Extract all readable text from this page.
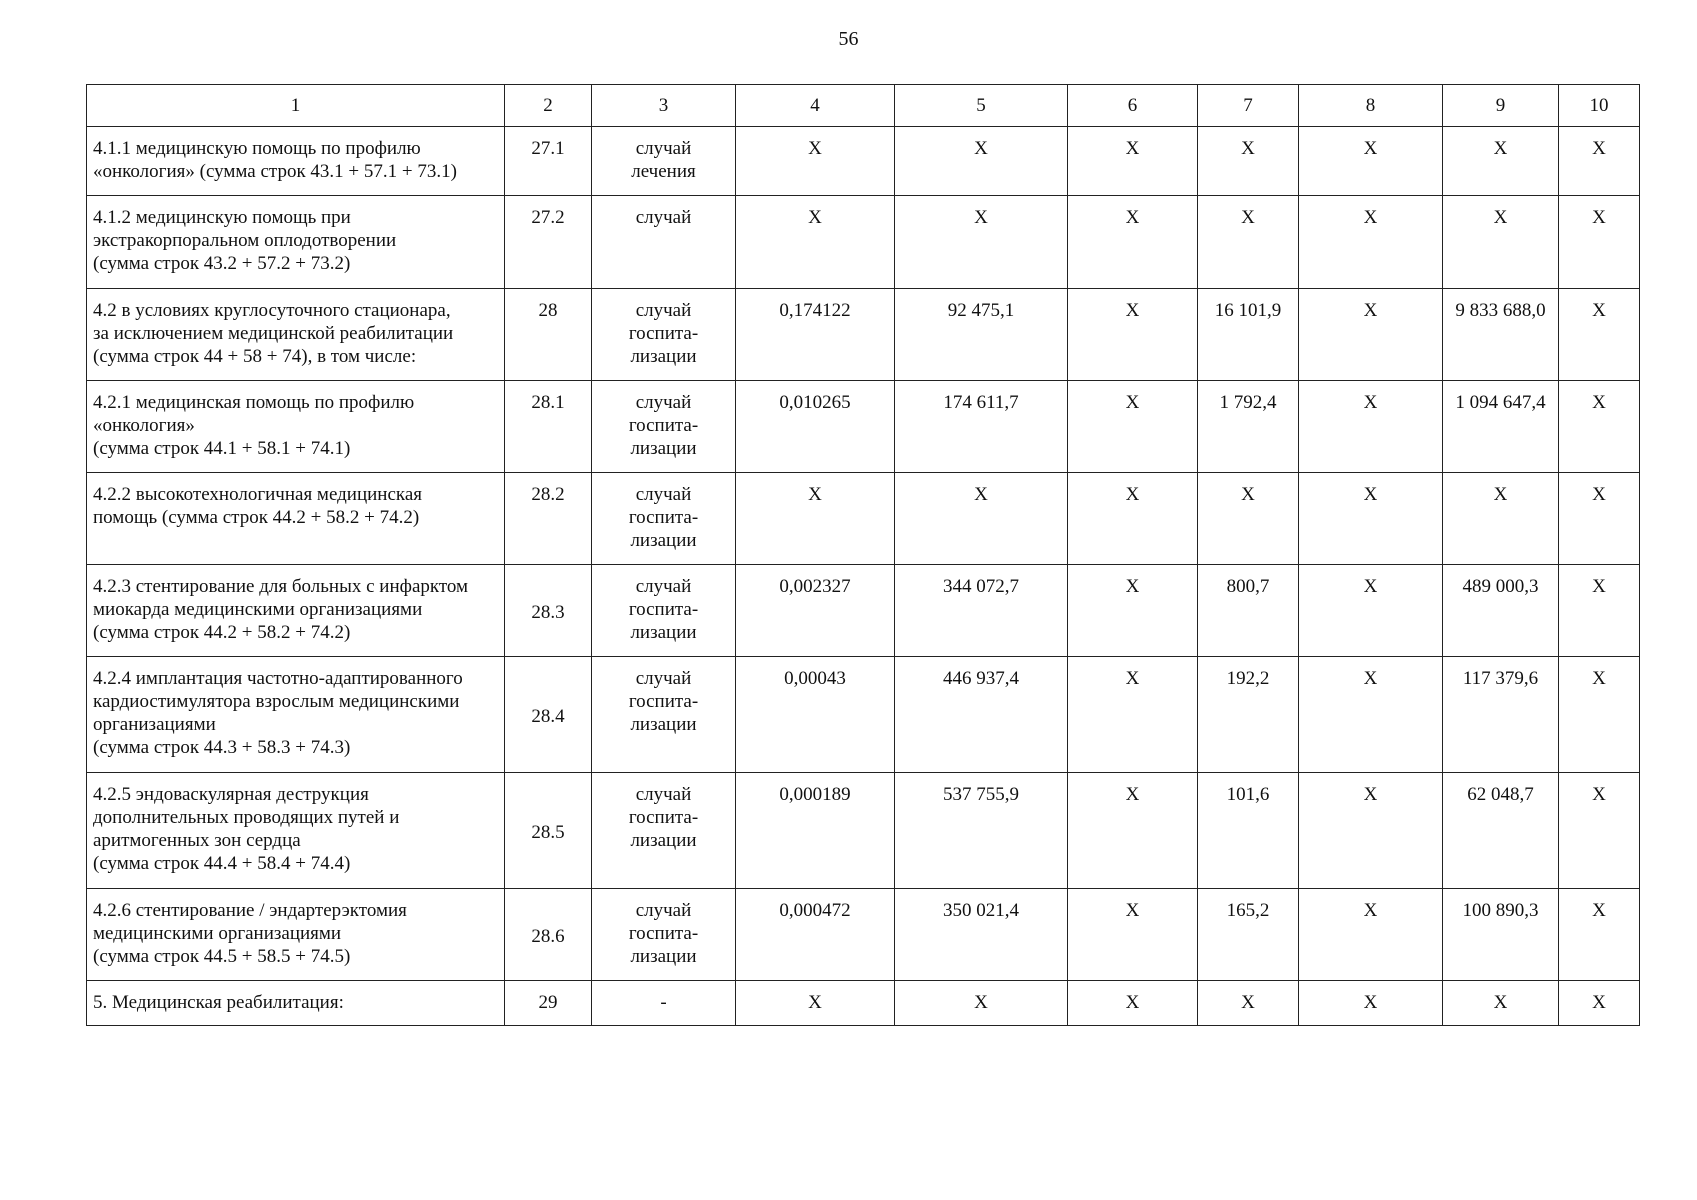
56
1	2	3	4	5	6	7	8	9	10

4.1.1 медицинскую помощь по профилю
«онкология» (сумма строк 43.1 + 57.1 + 73.1)	27.1	случай
лечения	X	X	X	X	X	X	X

4.1.2 медицинскую помощь при
экстракорпоральном оплодотворении
(сумма строк 43.2 + 57.2 + 73.2)	27.2	случай	X	X	X	X	X	X	X

4.2 в условиях круглосуточного стационара,
за исключением медицинской реабилитации
(сумма строк 44 + 58 + 74), в том числе:	28	случай
госпита-
лизации	0,174122	92 475,1	X	16 101,9	X	9 833 688,0	X

4.2.1 медицинская помощь по профилю
«онкология»
(сумма строк 44.1 + 58.1 + 74.1)	28.1	случай
госпита-
лизации	0,010265	174 611,7	X	1 792,4	X	1 094 647,4	X

4.2.2 высокотехнологичная медицинская
помощь (сумма строк 44.2 + 58.2 + 74.2)	28.2	случай
госпита-
лизации	X	X	X	X	X	X	X

4.2.3 стентирование для больных с инфарктом
миокарда медицинскими организациями
(сумма строк 44.2 + 58.2 + 74.2)	28.3	случай
госпита-
лизации	0,002327	344 072,7	X	800,7	X	489 000,3	X

4.2.4 имплантация частотно-адаптированного
кардиостимулятора взрослым медицинскими
организациями
(сумма строк 44.3 + 58.3 + 74.3)	28.4	случай
госпита-
лизации	0,00043	446 937,4	X	192,2	X	117 379,6	X

4.2.5 эндоваскулярная деструкция
дополнительных проводящих путей и
аритмогенных зон сердца
(сумма строк 44.4 + 58.4 + 74.4)	28.5	случай
госпита-
лизации	0,000189	537 755,9	X	101,6	X	62 048,7	X

4.2.6 стентирование / эндартерэктомия
медицинскими организациями
(сумма строк 44.5 + 58.5 + 74.5)	28.6	случай
госпита-
лизации	0,000472	350 021,4	X	165,2	X	100 890,3	X

5. Медицинская реабилитация:	29	-	X	X	X	X	X	X	X
